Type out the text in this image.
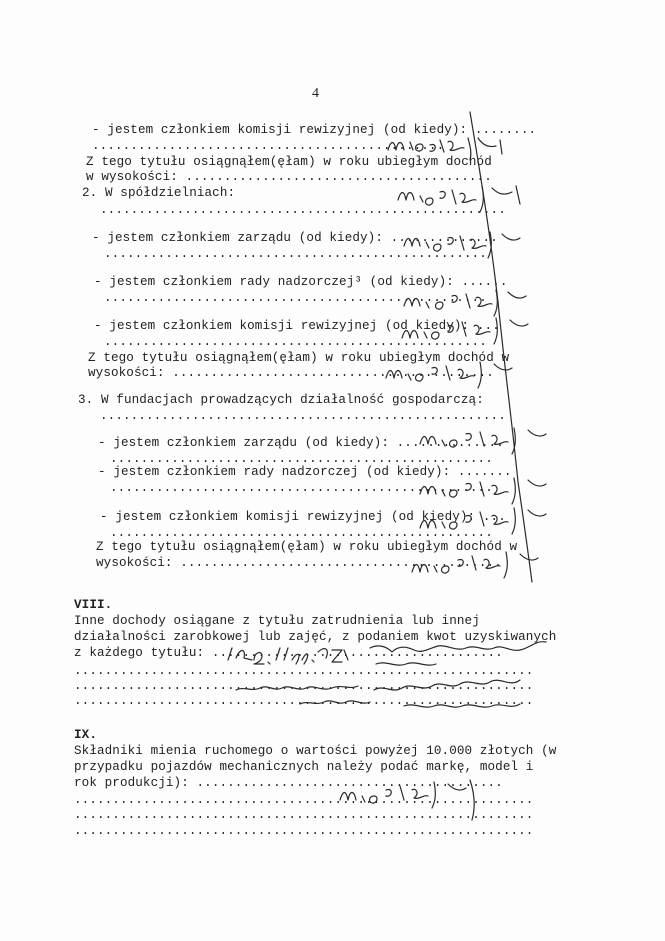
4
- jestem członkiem komisji rewizyjnej (od kiedy): ........
..............................................
Z tego tytułu osiągnąłem(ęłam) w roku ubiegłym dochód
w wysokości: ........................................
2. W spółdzielniach:
.....................................................
- jestem członkiem zarządu (od kiedy): ..............
..................................................
- jestem członkiem rady nadzorczej³ (od kiedy): ......
..................................................
- jestem członkiem komisji rewizyjnej (od kiedy): ...
..................................................
Z tego tytułu osiągnąłem(ęłam) w roku ubiegłym dochód w
wysokości: ..........................................
3. W fundacjach prowadzących działalność gospodarczą:
.....................................................
- jestem członkiem zarządu (od kiedy): ..............
..................................................
- jestem członkiem rady nadzorczej (od kiedy): .......
..................................................
- jestem członkiem komisji rewizyjnej (od kiedy): ...
..................................................
Z tego tytułu osiągnąłem(ęłam) w roku ubiegłym dochód w
wysokości: ..........................................
VIII.
Inne dochody osiągane z tytułu zatrudnienia lub innej
działalności zarobkowej lub zajęć, z podaniem kwot uzyskiwanych
z każdego tytułu: ......................................
............................................................
............................................................
............................................................
IX.
Składniki mienia ruchomego o wartości powyżej 10.000 złotych (w
przypadku pojazdów mechanicznych należy podać markę, model i
rok produkcji): ........................................
............................................................
............................................................
............................................................
